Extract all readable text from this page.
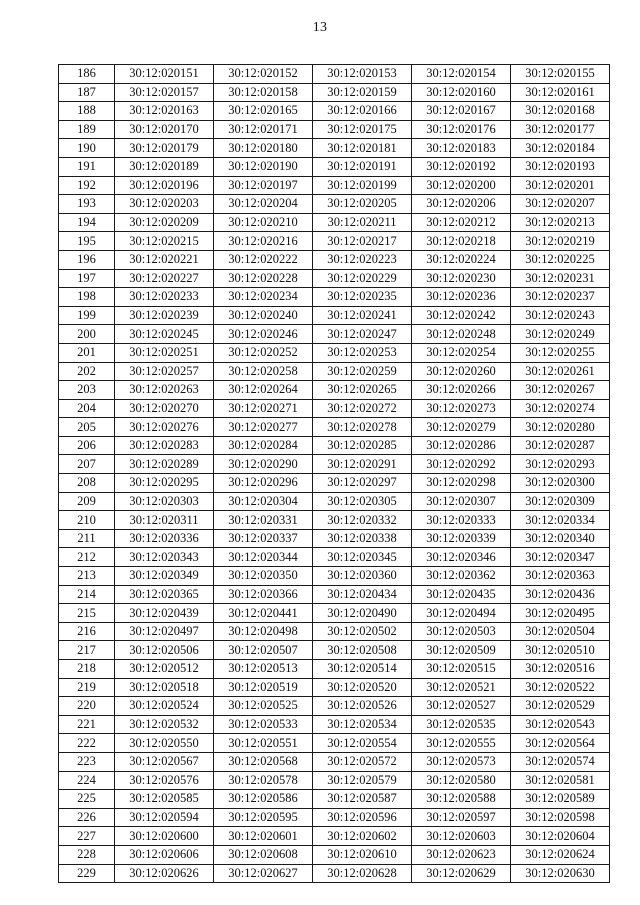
13
186	30:12:020151	30:12:020152	30:12:020153	30:12:020154	30:12:020155
187	30:12:020157	30:12:020158	30:12:020159	30:12:020160	30:12:020161
188	30:12:020163	30:12:020165	30:12:020166	30:12:020167	30:12:020168
189	30:12:020170	30:12:020171	30:12:020175	30:12:020176	30:12:020177
190	30:12:020179	30:12:020180	30:12:020181	30:12:020183	30:12:020184
191	30:12:020189	30:12:020190	30:12:020191	30:12:020192	30:12:020193
192	30:12:020196	30:12:020197	30:12:020199	30:12:020200	30:12:020201
193	30:12:020203	30:12:020204	30:12:020205	30:12:020206	30:12:020207
194	30:12:020209	30:12:020210	30:12:020211	30:12:020212	30:12:020213
195	30:12:020215	30:12:020216	30:12:020217	30:12:020218	30:12:020219
196	30:12:020221	30:12:020222	30:12:020223	30:12:020224	30:12:020225
197	30:12:020227	30:12:020228	30:12:020229	30:12:020230	30:12:020231
198	30:12:020233	30:12:020234	30:12:020235	30:12:020236	30:12:020237
199	30:12:020239	30:12:020240	30:12:020241	30:12:020242	30:12:020243
200	30:12:020245	30:12:020246	30:12:020247	30:12:020248	30:12:020249
201	30:12:020251	30:12:020252	30:12:020253	30:12:020254	30:12:020255
202	30:12:020257	30:12:020258	30:12:020259	30:12:020260	30:12:020261
203	30:12:020263	30:12:020264	30:12:020265	30:12:020266	30:12:020267
204	30:12:020270	30:12:020271	30:12:020272	30:12:020273	30:12:020274
205	30:12:020276	30:12:020277	30:12:020278	30:12:020279	30:12:020280
206	30:12:020283	30:12:020284	30:12:020285	30:12:020286	30:12:020287
207	30:12:020289	30:12:020290	30:12:020291	30:12:020292	30:12:020293
208	30:12:020295	30:12:020296	30:12:020297	30:12:020298	30:12:020300
209	30:12:020303	30:12:020304	30:12:020305	30:12:020307	30:12:020309
210	30:12:020311	30:12:020331	30:12:020332	30:12:020333	30:12:020334
211	30:12:020336	30:12:020337	30:12:020338	30:12:020339	30:12:020340
212	30:12:020343	30:12:020344	30:12:020345	30:12:020346	30:12:020347
213	30:12:020349	30:12:020350	30:12:020360	30:12:020362	30:12:020363
214	30:12:020365	30:12:020366	30:12:020434	30:12:020435	30:12:020436
215	30:12:020439	30:12:020441	30:12:020490	30:12:020494	30:12:020495
216	30:12:020497	30:12:020498	30:12:020502	30:12:020503	30:12:020504
217	30:12:020506	30:12:020507	30:12:020508	30:12:020509	30:12:020510
218	30:12:020512	30:12:020513	30:12:020514	30:12:020515	30:12:020516
219	30:12:020518	30:12:020519	30:12:020520	30:12:020521	30:12:020522
220	30:12:020524	30:12:020525	30:12:020526	30:12:020527	30:12:020529
221	30:12:020532	30:12:020533	30:12:020534	30:12:020535	30:12:020543
222	30:12:020550	30:12:020551	30:12:020554	30:12:020555	30:12:020564
223	30:12:020567	30:12:020568	30:12:020572	30:12:020573	30:12:020574
224	30:12:020576	30:12:020578	30:12:020579	30:12:020580	30:12:020581
225	30:12:020585	30:12:020586	30:12:020587	30:12:020588	30:12:020589
226	30:12:020594	30:12:020595	30:12:020596	30:12:020597	30:12:020598
227	30:12:020600	30:12:020601	30:12:020602	30:12:020603	30:12:020604
228	30:12:020606	30:12:020608	30:12:020610	30:12:020623	30:12:020624
229	30:12:020626	30:12:020627	30:12:020628	30:12:020629	30:12:020630
